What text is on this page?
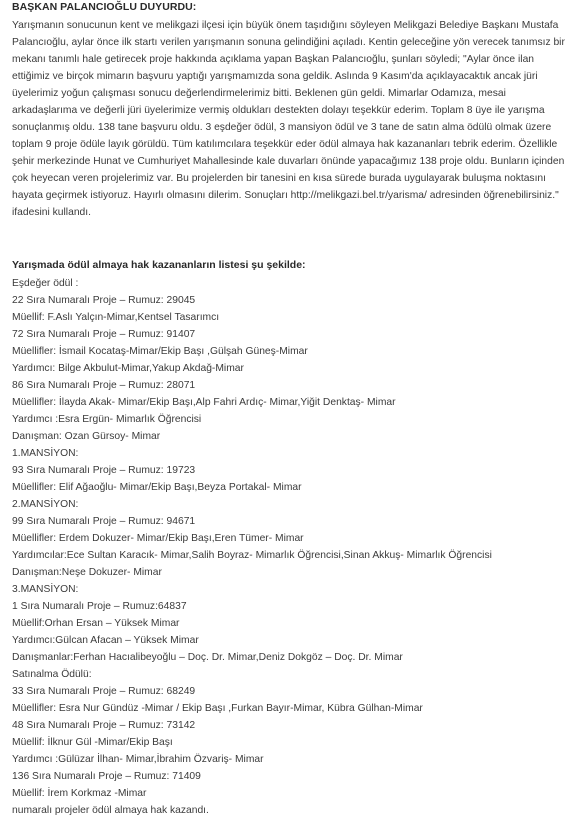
BAŞKAN PALANCIOĞLU DUYURDU:

Yarışmanın sonucunun kent ve melikgazi ilçesi için büyük önem taşıdığını söyleyen Melikgazi Belediye Başkanı Mustafa Palancıoğlu, aylar önce ilk startı verilen yarışmanın sonuna gelindiğini açıladı. Kentin geleceğine yön verecek tanımsız bir mekanı tanımlı hale getirecek proje hakkında açıklama yapan Başkan Palancıoğlu, şunları söyledi; "Aylar önce ilan ettiğimiz ve birçok mimarın başvuru yaptığı yarışmamızda sona geldik. Aslında 9 Kasım'da açıklayacaktık ancak jüri üyelerimiz yoğun çalışması sonucu değerlendirmelerimiz bitti. Beklenen gün geldi. Mimarlar Odamıza, mesai arkadaşlarıma ve değerli jüri üyelerimize vermiş oldukları destekten dolayı teşekkür ederim. Toplam 8 üye ile yarışma sonuçlanmış oldu. 138 tane başvuru oldu. 3 eşdeğer ödül, 3 mansiyon ödül ve 3 tane de satın alma ödülü olmak üzere toplam 9 proje ödüle layık görüldü. Tüm katılımcılara teşekkür eder ödül almaya hak kazananları tebrik ederim. Özellikle şehir merkezinde Hunat ve Cumhuriyet Mahallesinde kale duvarları önünde yapacağımız 138 proje oldu. Bunların içinden çok heyecan veren projelerimiz var. Bu projelerden bir tanesini en kısa sürede burada uygulayarak buluşma noktasını hayata geçirmek istiyoruz. Hayırlı olmasını dilerim. Sonuçları http://melikgazi.bel.tr/yarisma/ adresinden öğrenebilirsiniz." ifadesini kullandı.

Yarışmada ödül almaya hak kazananların listesi şu şekilde:
Eşdeğer ödül :
22 Sıra Numaralı Proje – Rumuz: 29045
Müellif: F.Aslı Yalçın-Mimar,Kentsel Tasarımcı
72 Sıra Numaralı Proje – Rumuz: 91407
Müellifler: İsmail Kocataş-Mimar/Ekip Başı ,Gülşah Güneş-Mimar
Yardımcı: Bilge Akbulut-Mimar,Yakup Akdağ-Mimar
86 Sıra Numaralı Proje – Rumuz: 28071
Müellifler: İlayda Akak- Mimar/Ekip Başı,Alp Fahri Ardıç- Mimar,Yiğit Denktaş- Mimar
Yardımcı :Esra Ergün- Mimarlık Öğrencisi
Danışman: Ozan Gürsoy- Mimar
1.MANSİYON:
93 Sıra Numaralı Proje – Rumuz: 19723
Müellifler: Elif Ağaoğlu- Mimar/Ekip Başı,Beyza Portakal- Mimar
2.MANSİYON:
99 Sıra Numaralı Proje – Rumuz: 94671
Müellifler: Erdem Dokuzer- Mimar/Ekip Başı,Eren Tümer- Mimar
Yardımcılar:Ece Sultan Karacık- Mimar,Salih Boyraz- Mimarlık Öğrencisi,Sinan Akkuş- Mimarlık Öğrencisi
Danışman:Neşe Dokuzer- Mimar
3.MANSİYON:
1 Sıra Numaralı Proje – Rumuz:64837
Müellif:Orhan Ersan – Yüksek Mimar
Yardımcı:Gülcan Afacan – Yüksek Mimar
Danışmanlar:Ferhan Hacıalibeyoğlu – Doç. Dr. Mimar,Deniz Dokgöz – Doç. Dr. Mimar
Satınalma Ödülü:
33 Sıra Numaralı Proje – Rumuz: 68249
Müellifler: Esra Nur Gündüz -Mimar / Ekip Başı ,Furkan Bayır-Mimar, Kübra Gülhan-Mimar
48 Sıra Numaralı Proje – Rumuz: 73142
Müellif: İlknur Gül -Mimar/Ekip Başı
Yardımcı :Gülüzar İlhan- Mimar,İbrahim Özvariş- Mimar
136 Sıra Numaralı Proje – Rumuz: 71409
Müellif: İrem Korkmaz -Mimar
numaralı projeler ödül almaya hak kazandı.
